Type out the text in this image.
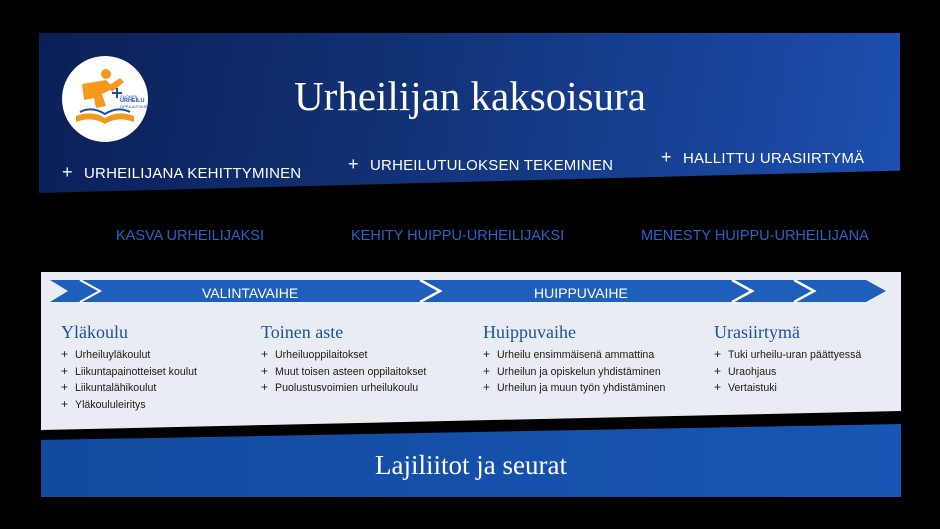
SUOMEN
URHEILU
OPPILAITOKSET	Urheilijan kaksoisura
+ URHEILIJANA KEHITTYMINEN	+ URHEILUTULOKSEN TEKEMINEN	+ HALLITTU URASIIRTYMÄ
KASVA URHEILIJAKSI	KEHITY HUIPPU-URHEILIJAKSI	MENESTY HUIPPU-URHEILIJANA
VALINTAVAIHE	HUIPPUVAIHE
Yläkoulu
+ Urheiluyläkoulut
+ Liikuntapainotteiset koulut
+ Liikuntalähikoulut
+ Yläkoululeiritys
Toinen aste
+ Urheiluoppilaitokset
+ Muut toisen asteen oppilaitokset
+ Puolustusvoimien urheilukoulu
Huippuvaihe
+ Urheilu ensimmäisenä ammattina
+ Urheilun ja opiskelun yhdistäminen
+ Urheilun ja muun työn yhdistäminen
Urasiirtymä
+ Tuki urheilu-uran päättyessä
+ Uraohjaus
+ Vertaistuki
Lajiliitot ja seurat
